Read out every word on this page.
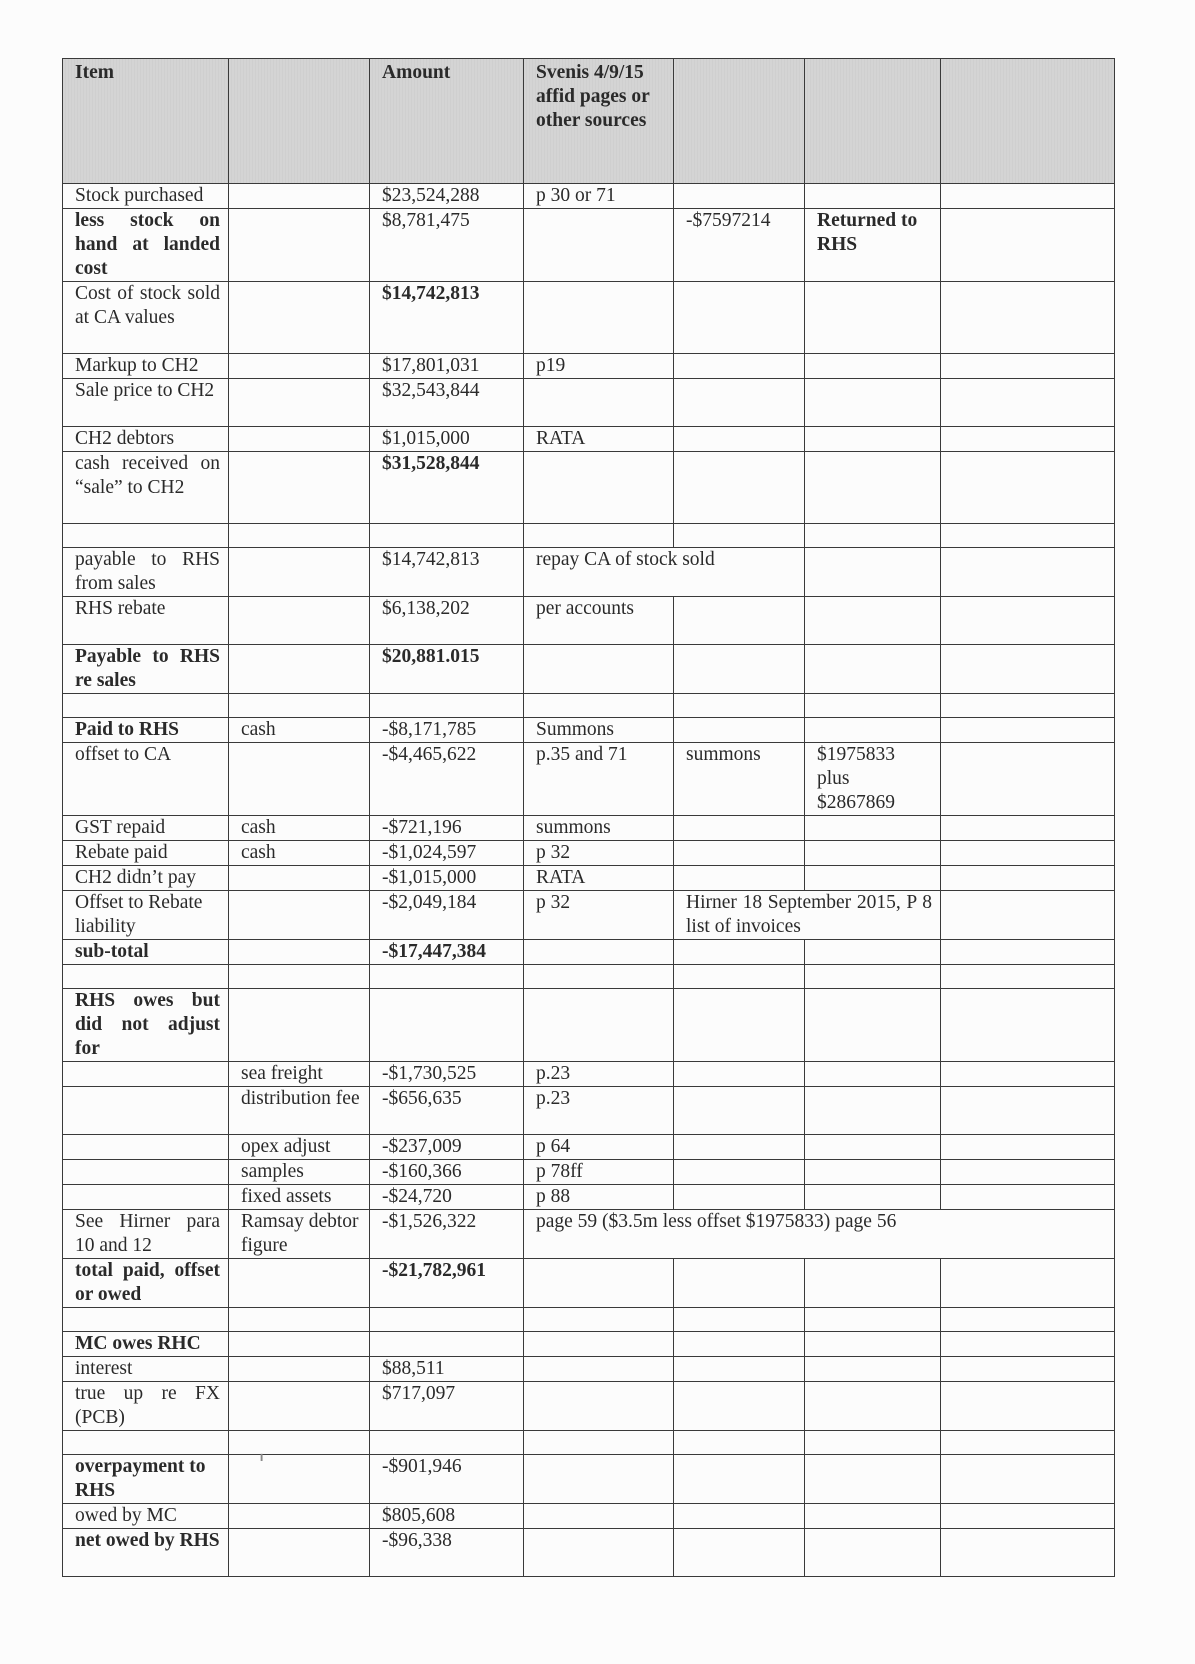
Item		Amount	Svenis 4/9/15 affid pages or other sources			
Stock purchased		$23,524,288	p 30 or 71			
less stock on hand at landed cost		$8,781,475		-$7597214	Returned to RHS	
Cost of stock sold at CA values		$14,742,813				
Markup to CH2		$17,801,031	p19			
Sale price to CH2		$32,543,844				
CH2 debtors		$1,015,000	RATA			
cash received on “sale” to CH2		$31,528,844				

payable to RHS from sales		$14,742,813	repay CA of stock sold			
RHS rebate		$6,138,202	per accounts			
Payable to RHS re sales		$20,881.015				

Paid to RHS	cash	-$8,171,785	Summons			
offset to CA		-$4,465,622	p.35 and 71	summons	$1975833 plus $2867869	
GST repaid	cash	-$721,196	summons			
Rebate paid	cash	-$1,024,597	p 32			
CH2 didn’t pay		-$1,015,000	RATA			
Offset to Rebate liability		-$2,049,184	p 32	Hirner 18 September 2015, P 8 list of invoices		
sub-total		-$17,447,384				

RHS owes but did not adjust for						
	sea freight	-$1,730,525	p.23			
	distribution fee	-$656,635	p.23			
	opex adjust	-$237,009	p 64			
	samples	-$160,366	p 78ff			
	fixed assets	-$24,720	p 88			
See Hirner para 10 and 12	Ramsay debtor figure	-$1,526,322	page 59 ($3.5m less offset $1975833) page 56			
total paid, offset or owed		-$21,782,961				

MC owes RHC						
interest		$88,511				
true up re FX (PCB)		$717,097				

overpayment to RHS		-$901,946				
owed by MC		$805,608				
net owed by RHS		-$96,338				
╹
